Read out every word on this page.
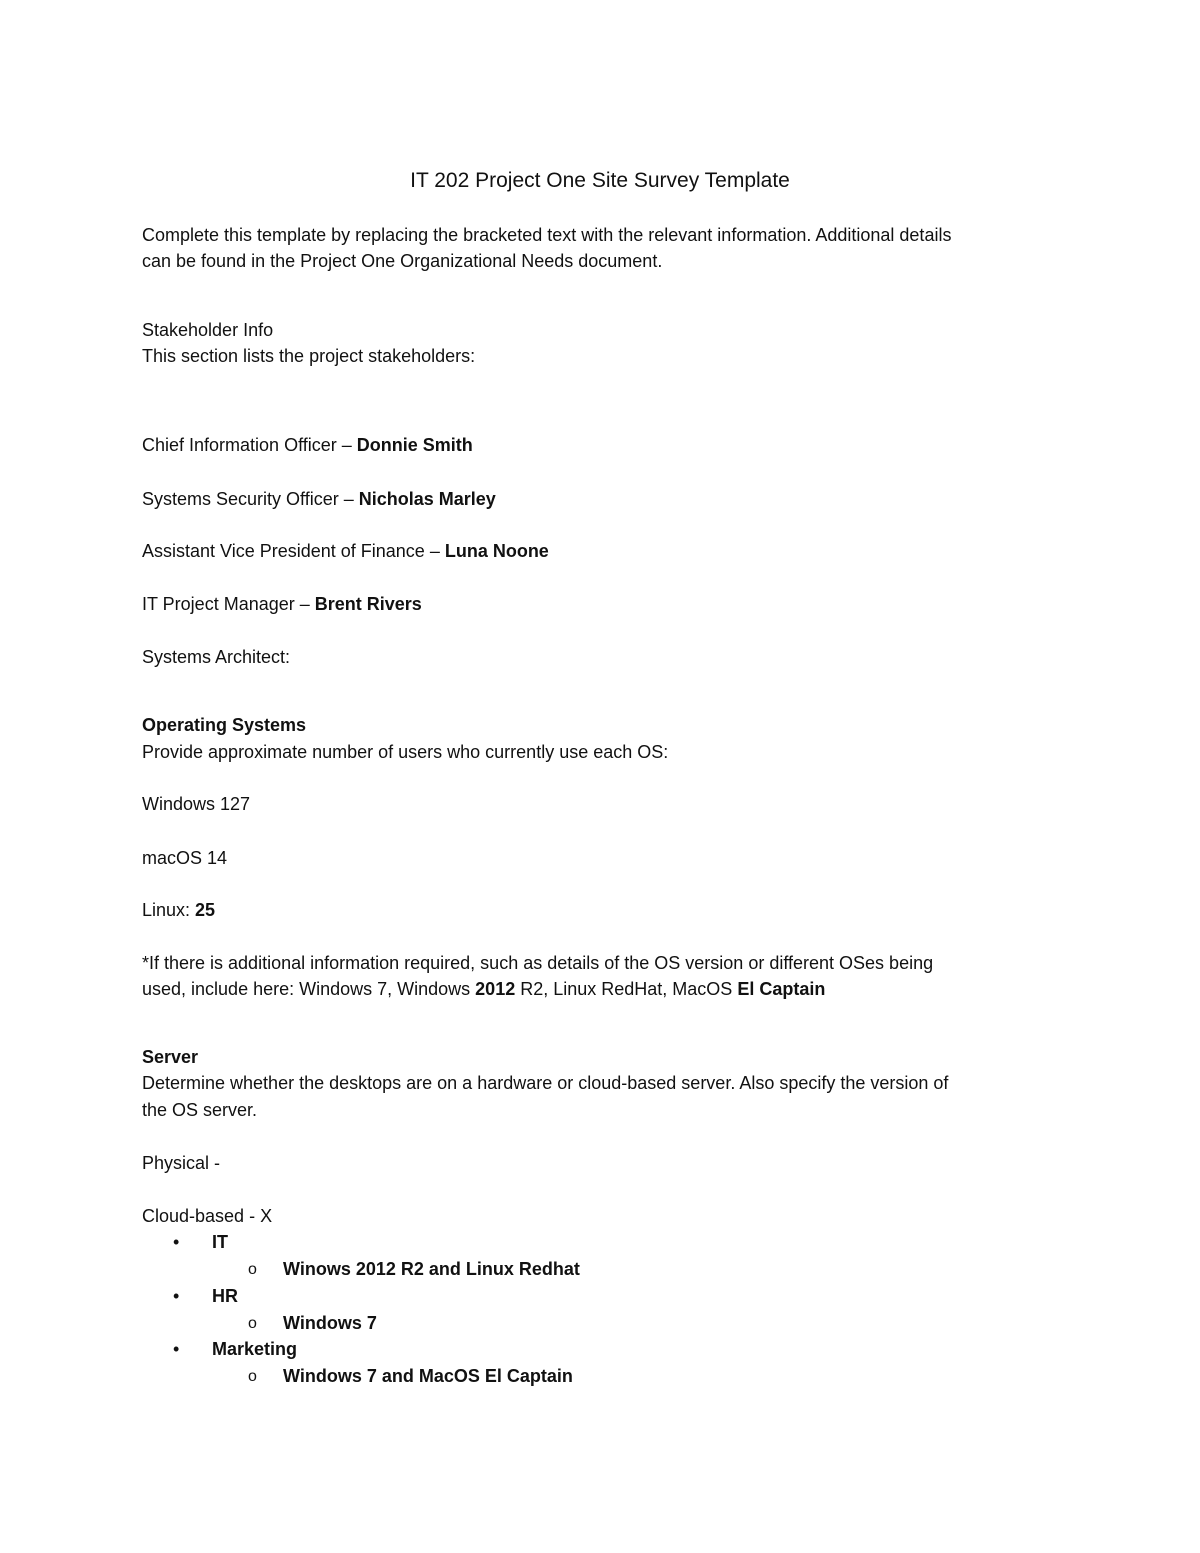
IT 202 Project One Site Survey Template
Complete this template by replacing the bracketed text with the relevant information. Additional details
can be found in the Project One Organizational Needs document.
Stakeholder Info
This section lists the project stakeholders:
Chief Information Officer – Donnie Smith
Systems Security Officer – Nicholas Marley
Assistant Vice President of Finance – Luna Noone
IT Project Manager – Brent Rivers
Systems Architect:
Operating Systems
Provide approximate number of users who currently use each OS:
Windows 127
macOS 14
Linux: 25
*If there is additional information required, such as details of the OS version or different OSes being
used, include here: Windows 7, Windows 2012 R2, Linux RedHat, MacOS El Captain
Server
Determine whether the desktops are on a hardware or cloud-based server. Also specify the version of
the OS server.
Physical -
Cloud-based - X
• IT
o Winows 2012 R2 and Linux Redhat
• HR
o Windows 7
• Marketing
o Windows 7 and MacOS El Captain
